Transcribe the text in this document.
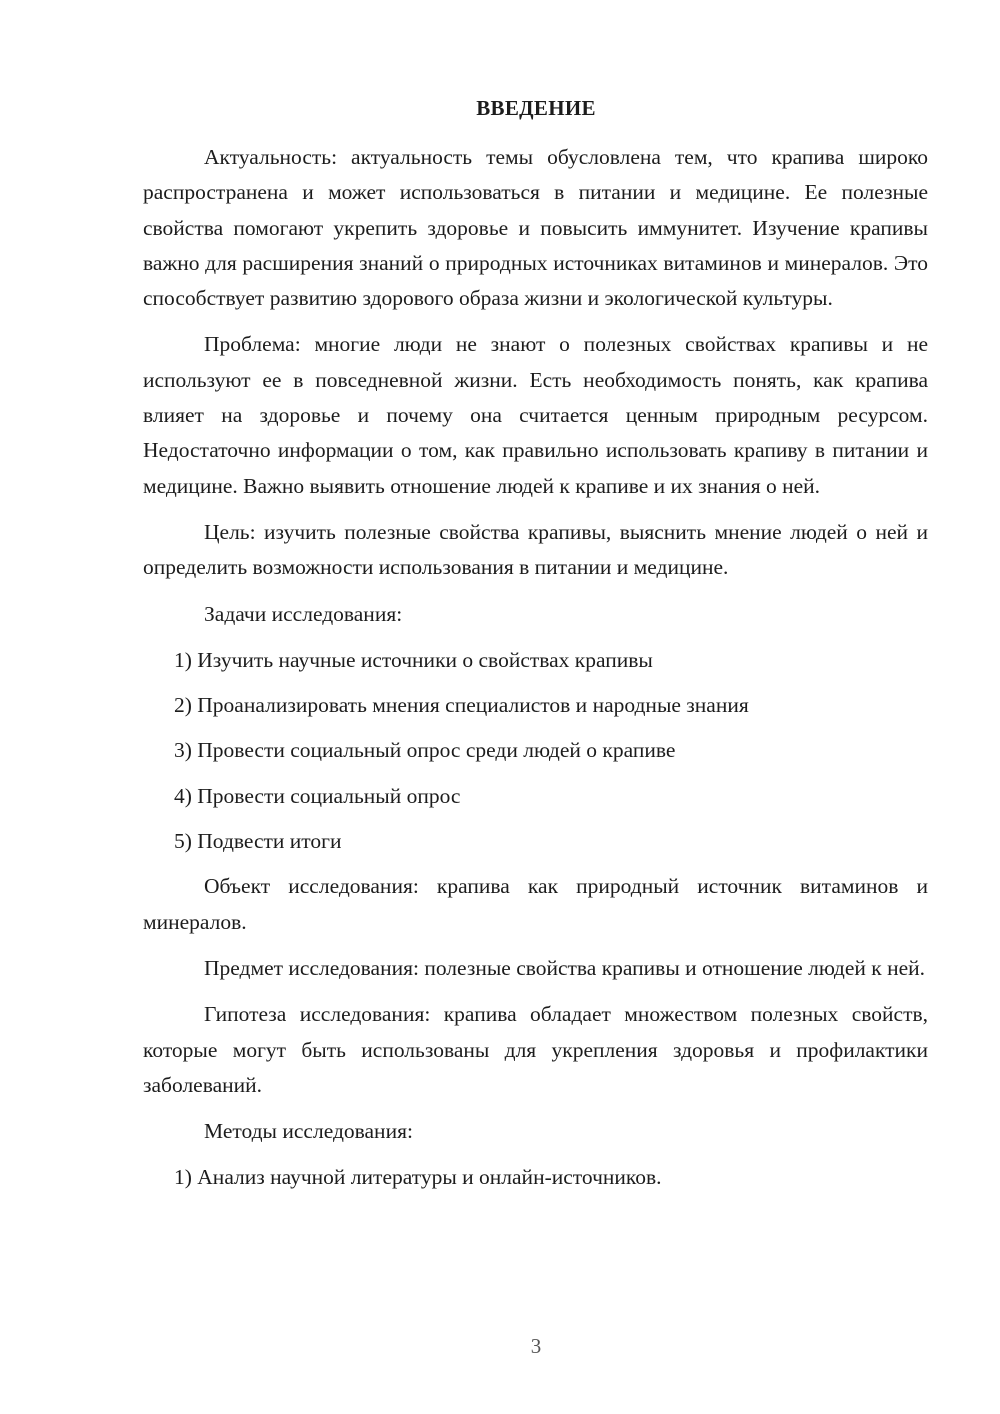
ВВЕДЕНИЕ

Актуальность: актуальность темы обусловлена тем, что крапива широко распространена и может использоваться в питании и медицине. Ее полезные свойства помогают укрепить здоровье и повысить иммунитет. Изучение крапивы важно для расширения знаний о природных источниках витаминов и минералов. Это способствует развитию здорового образа жизни и экологической культуры.

Проблема: многие люди не знают о полезных свойствах крапивы и не используют ее в повседневной жизни. Есть необходимость понять, как крапива влияет на здоровье и почему она считается ценным природным ресурсом. Недостаточно информации о том, как правильно использовать крапиву в питании и медицине. Важно выявить отношение людей к крапиве и их знания о ней.

Цель: изучить полезные свойства крапивы, выяснить мнение людей о ней и определить возможности использования в питании и медицине.

Задачи исследования:

1) Изучить научные источники о свойствах крапивы

2) Проанализировать мнения специалистов и народные знания

3) Провести социальный опрос среди людей о крапиве

4) Провести социальный опрос

5) Подвести итоги

Объект исследования: крапива как природный источник витаминов и минералов.

Предмет исследования: полезные свойства крапивы и отношение людей к ней.

Гипотеза исследования: крапива обладает множеством полезных свойств, которые могут быть использованы для укрепления здоровья и профилактики заболеваний.

Методы исследования:

1) Анализ научной литературы и онлайн-источников.

3
